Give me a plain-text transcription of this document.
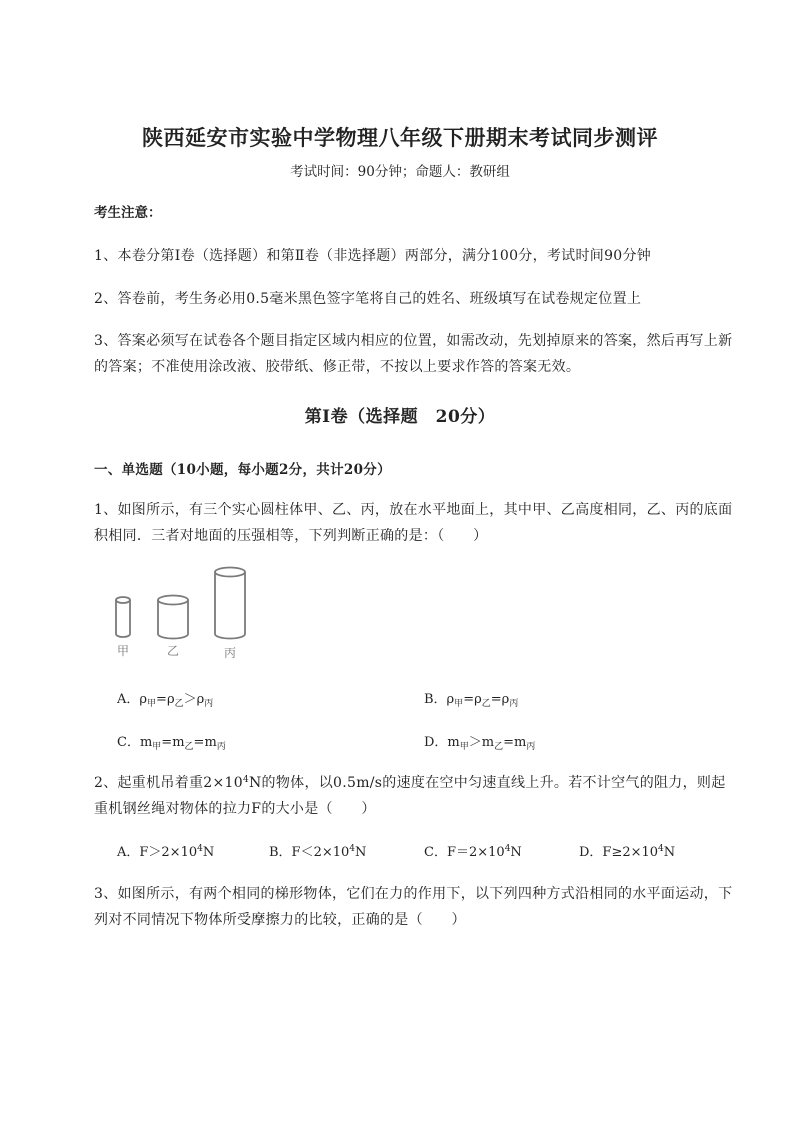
陕西延安市实验中学物理八年级下册期末考试同步测评
考试时间：90分钟；命题人：教研组
考生注意：
1、本卷分第Ⅰ卷（选择题）和第Ⅱ卷（非选择题）两部分，满分100分，考试时间90分钟
2、答卷前，考生务必用0.5毫米黑色签字笔将自己的姓名、班级填写在试卷规定位置上
3、答案必须写在试卷各个题目指定区域内相应的位置，如需改动，先划掉原来的答案，然后再写上新
的答案；不准使用涂改液、胶带纸、修正带，不按以上要求作答的答案无效。
第Ⅰ卷（选择题　20分）
一、单选题（10小题，每小题2分，共计20分）
1、如图所示，有三个实心圆柱体甲、乙、丙，放在水平地面上，其中甲、乙高度相同，乙、丙的底面
积相同．三者对地面的压强相等，下列判断正确的是：（　　）
甲	乙	丙
A．$\rho_甲=\rho_乙>\rho_丙$	B．$\rho_甲=\rho_乙=\rho_丙$
C．$m_甲=m_乙=m_丙$	D．$m_甲>m_乙=m_丙$
2、起重机吊着重$2\times 10^4N$的物体，以0.5m/s的速度在空中匀速直线上升。若不计空气的阻力，则起
重机钢丝绳对物体的拉力F的大小是（　　）
A．$F>2\times 10^4N$	B．$F<2\times 10^4N$	C．$F=2\times 10^4N$	D．$F\ge 2\times 10^4N$
3、如图所示，有两个相同的梯形物体，它们在力的作用下，以下列四种方式沿相同的水平面运动，下
列对不同情况下物体所受摩擦力的比较，正确的是（　　）
